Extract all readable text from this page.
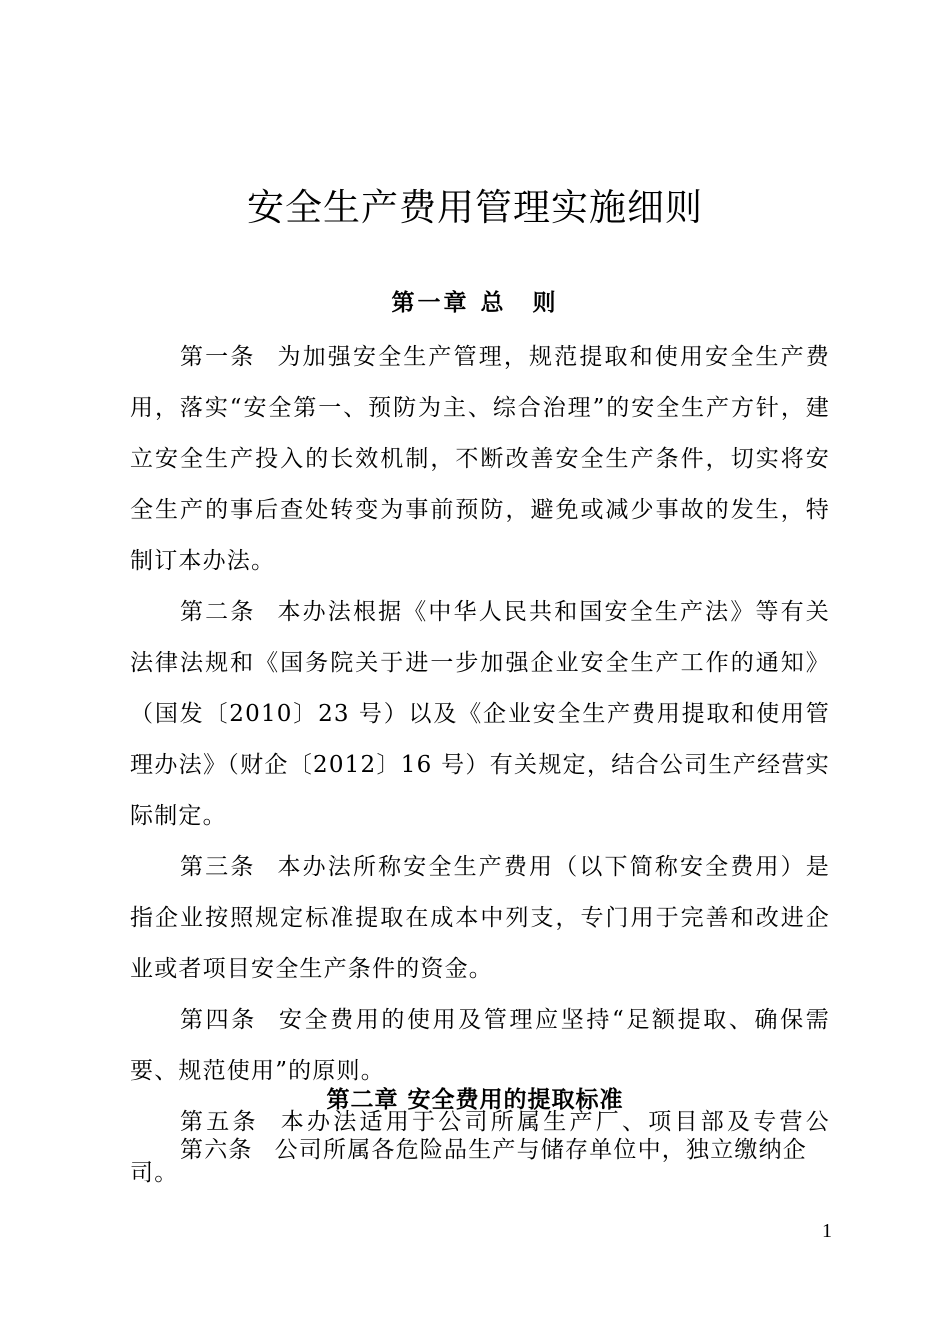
安全生产费用管理实施细则
第一章 总　则

第一条 为加强安全生产管理，规范提取和使用安全生产费用，落实“安全第一、预防为主、综合治理”的安全生产方针，建立安全生产投入的长效机制，不断改善安全生产条件，切实将安全生产的事后查处转变为事前预防，避免或减少事故的发生，特制订本办法。

第二条 本办法根据《中华人民共和国安全生产法》等有关法律法规和《国务院关于进一步加强企业安全生产工作的通知》（国发〔2010〕23 号）以及《企业安全生产费用提取和使用管理办法》（财企〔2012〕16 号）有关规定，结合公司生产经营实际制定。

第三条 本办法所称安全生产费用（以下简称安全费用）是指企业按照规定标准提取在成本中列支，专门用于完善和改进企业或者项目安全生产条件的资金。

第四条 安全费用的使用及管理应坚持“足额提取、确保需要、规范使用”的原则。

第五条 本办法适用于公司所属生产厂、项目部及专营公司。

第二章 安全费用的提取标准

第六条 公司所属各危险品生产与储存单位中，独立缴纳企

1
